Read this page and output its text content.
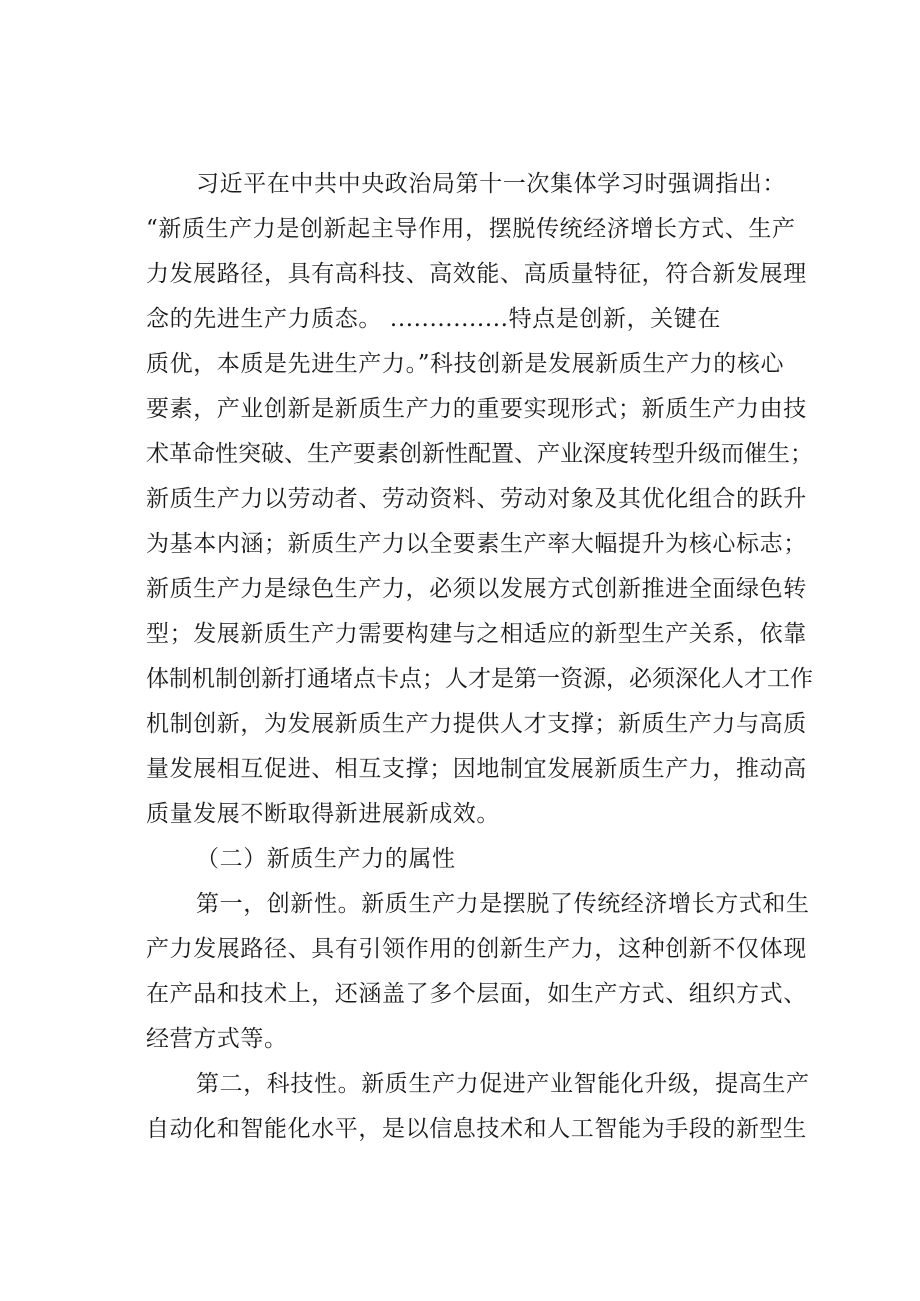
习近平在中共中央政治局第十一次集体学习时强调指出：
“新质生产力是创新起主导作用，摆脱传统经济增长方式、生产
力发展路径，具有高科技、高效能、高质量特征，符合新发展理
念的先进生产力质态。 ...............特点是创新，关键在
质优，本质是先进生产力。”科技创新是发展新质生产力的核心
要素，产业创新是新质生产力的重要实现形式；新质生产力由技
术革命性突破、生产要素创新性配置、产业深度转型升级而催生；
新质生产力以劳动者、劳动资料、劳动对象及其优化组合的跃升
为基本内涵；新质生产力以全要素生产率大幅提升为核心标志；
新质生产力是绿色生产力，必须以发展方式创新推进全面绿色转
型；发展新质生产力需要构建与之相适应的新型生产关系，依靠
体制机制创新打通堵点卡点；人才是第一资源，必须深化人才工作
机制创新，为发展新质生产力提供人才支撑；新质生产力与高质
量发展相互促进、相互支撑；因地制宜发展新质生产力，推动高
质量发展不断取得新进展新成效。
（二）新质生产力的属性
第一，创新性。新质生产力是摆脱了传统经济增长方式和生
产力发展路径、具有引领作用的创新生产力，这种创新不仅体现
在产品和技术上，还涵盖了多个层面，如生产方式、组织方式、
经营方式等。
第二，科技性。新质生产力促进产业智能化升级，提高生产
自动化和智能化水平，是以信息技术和人工智能为手段的新型生
